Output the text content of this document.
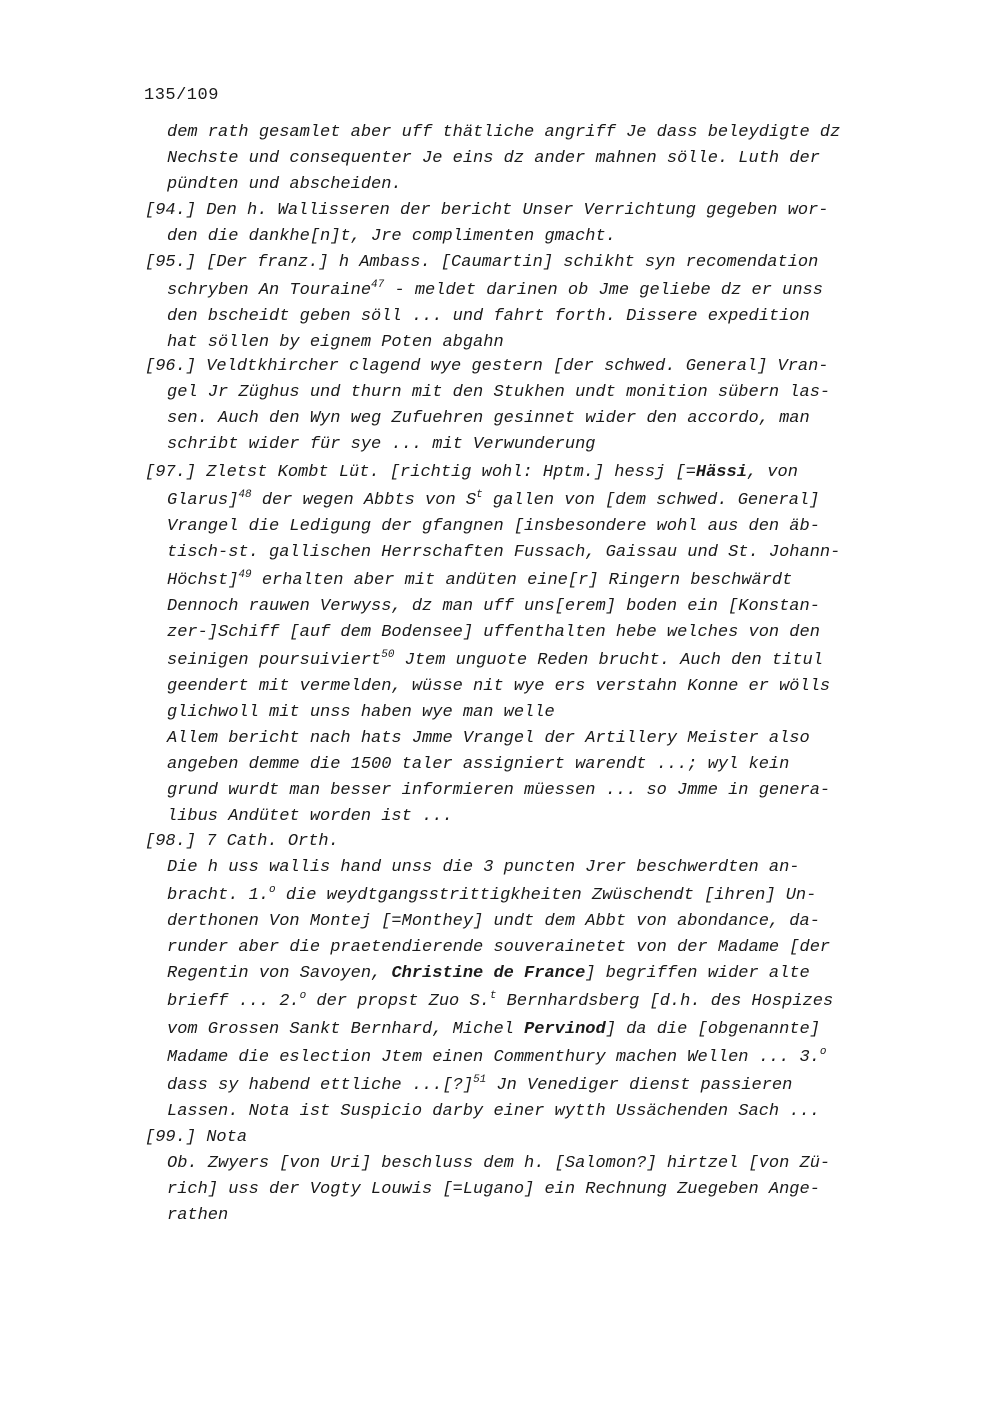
135/109
dem rath gesamlet aber uff thätliche angriff Je dass beleydigte dz
Nechste und consequenter Je eins dz ander mahnen sölle. Luth der
pündten und abscheiden.
[94.] Den h. Wallisseren der bericht Unser Verrichtung gegeben wor-
den die dankhe[n]t, Jre complimenten gmacht.
[95.] [Der franz.] h Ambass. [Caumartin] schikht syn recomendation
schryben An Touraine$^{47}$ - meldet darinen ob Jme geliebe dz er unss
den bscheidt geben söll ... und fahrt forth. Dissere expedition
hat söllen by eignem Poten abgahn
[96.] Veldtkhircher clagend wye gestern [der schwed. General] Vran-
gel Jr Züghus und thurn mit den Stukhen undt monition sübern las-
sen. Auch den Wyn weg Zufuehren gesinnet wider den accordo, man
schribt wider für sye ... mit Verwunderung
[97.] Zletst Kombt Lüt. [richtig wohl: Hptm.] hessj [=Hässi, von
Glarus]$^{48}$ der wegen Abbts von $S^t$ gallen von [dem schwed. General]
Vrangel die Ledigung der gfangnen [insbesondere wohl aus den äb-
tisch-st. gallischen Herrschaften Fussach, Gaissau und St. Johann-
Höchst]$^{49}$ erhalten aber mit andüten eine[r] Ringern beschwärdt
Dennoch rauwen Verwyss, dz man uff uns[erem] boden ein [Konstan-
zer-]Schiff [auf dem Bodensee] uffenthalten hebe welches von den
seinigen poursuiviert$^{50}$ Jtem unguote Reden brucht. Auch den titul
geendert mit vermelden, wüsse nit wye ers verstahn Konne er wölls
glichwoll mit unss haben wye man welle
Allem bericht nach hats Jmme Vrangel der Artillery Meister also
angeben demme die 1500 taler assigniert warendt ...; wyl kein
grund wurdt man besser informieren müessen ... so Jmme in genera-
libus Andütet worden ist ...
[98.] 7 Cath. Orth.
Die h uss wallis hand unss die 3 puncten Jrer beschwerdten an-
bracht. 1.$^o$ die weydtgangsstrittigkheiten Zwüschendt [ihren] Un-
derthonen Von Montej [=Monthey] undt dem Abbt von abondance, da-
runder aber die praetendierende souverainetet von der Madame [der
Regentin von Savoyen, Christine de France] begriffen wider alte
brieff ... 2.$^o$ der propst Zuo S.$^t$ Bernhardsberg [d.h. des Hospizes
vom Grossen Sankt Bernhard, Michel Pervinod] da die [obgenannte]
Madame die eslection Jtem einen Commenthury machen Wellen ... 3.$^o$
dass sy habend ettliche ...[?]$^{51}$ Jn Venediger dienst passieren
Lassen. Nota ist Suspicio darby einer wytth Ussächenden Sach ...
[99.] Nota
Ob. Zwyers [von Uri] beschluss dem h. [Salomon?] hirtzel [von Zü-
rich] uss der Vogty Louwis [=Lugano] ein Rechnung Zuegeben Ange-
rathen
